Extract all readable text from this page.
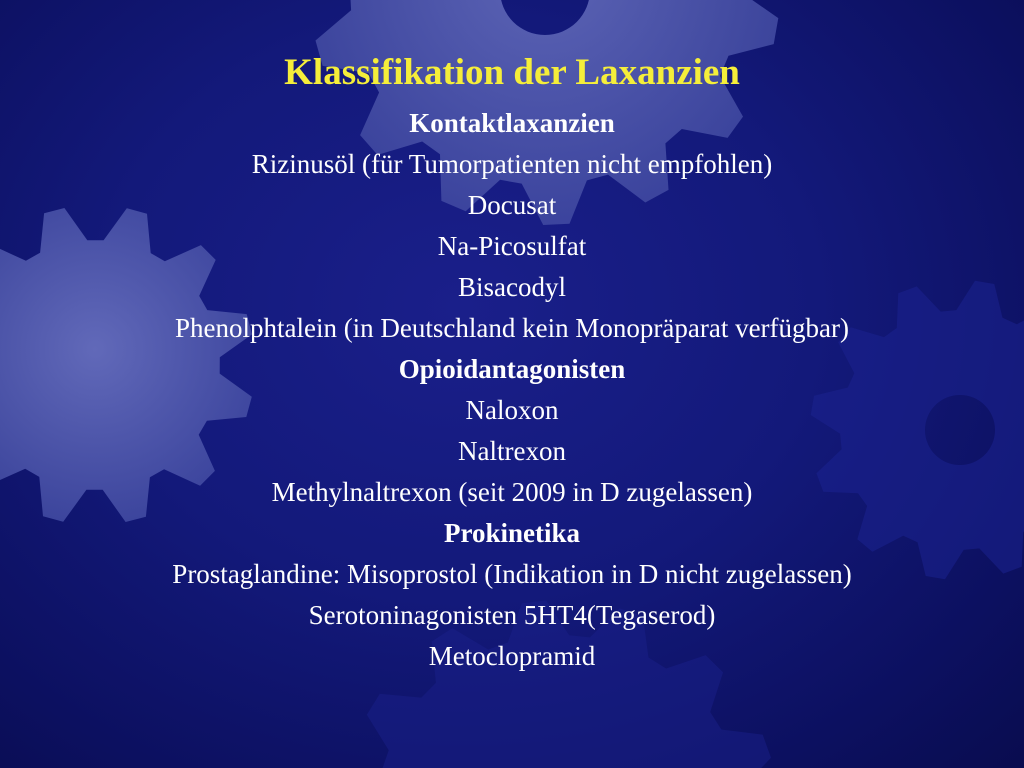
Klassifikation der Laxanzien
Kontaktlaxanzien
Rizinusöl (für Tumorpatienten nicht empfohlen)
Docusat
Na-Picosulfat
Bisacodyl
Phenolphtalein (in Deutschland kein Monopräparat verfügbar)
Opioidantagonisten
Naloxon
Naltrexon
Methylnaltrexon (seit 2009 in D zugelassen)
Prokinetika
Prostaglandine: Misoprostol (Indikation in D nicht zugelassen)
Serotoninagonisten 5HT4(Tegaserod)
Metoclopramid
